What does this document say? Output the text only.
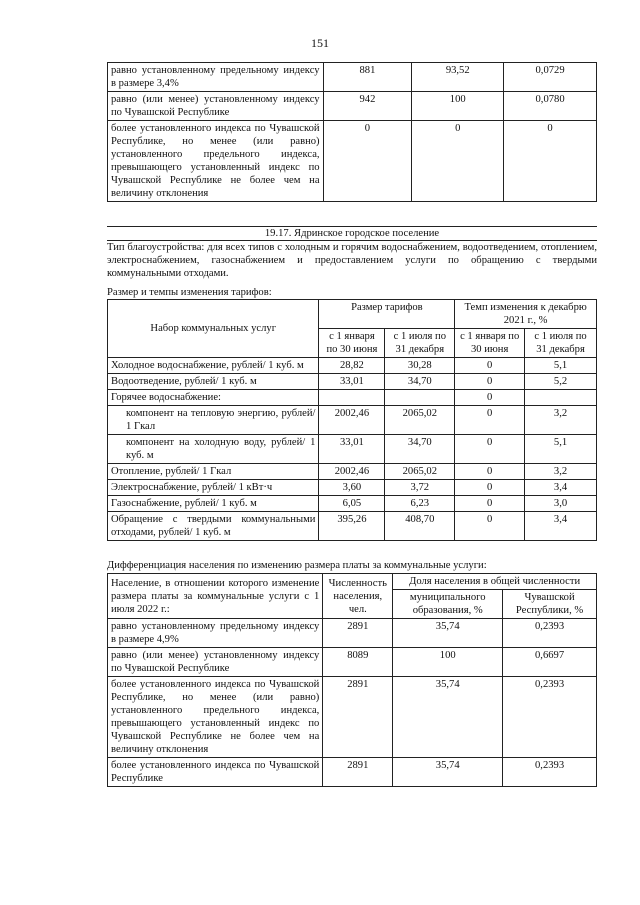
151
равно установленному предельному индексу в размере 3,4%	881	93,52	0,0729
равно (или менее) установленному индексу по Чувашской Республике	942	100	0,0780
более установленного индекса по Чувашской Республике, но менее (или равно) установленного предельного индекса, превышающего установленный индекс по Чувашской Республике не более чем на величину отклонения	0	0	0
19.17. Ядринское городское поселение
Тип благоустройства: для всех типов с холодным и горячим водоснабжением, водоотведением, отоплением, электроснабжением, газоснабжением и предоставлением услуги по обращению с твердыми коммунальными отходами.
Размер и темпы изменения тарифов:
Набор коммунальных услуг	Размер тарифов		Темп изменения к декабрю 2021 г., %	
	с 1 января по 30 июня	с 1 июля по 31 декабря	с 1 января по 30 июня	с 1 июля по 31 декабря
Холодное водоснабжение, рублей/ 1 куб. м	28,82	30,28	0	5,1
Водоотведение, рублей/ 1 куб. м	33,01	34,70	0	5,2
Горячее водоснабжение:			0	
компонент на тепловую энергию, рублей/ 1 Гкал	2002,46	2065,02	0	3,2
компонент на холодную воду, рублей/ 1 куб. м	33,01	34,70	0	5,1
Отопление, рублей/ 1 Гкал	2002,46	2065,02	0	3,2
Электроснабжение, рублей/ 1 кВт·ч	3,60	3,72	0	3,4
Газоснабжение, рублей/ 1 куб. м	6,05	6,23	0	3,0
Обращение с твердыми коммунальными отходами, рублей/ 1 куб. м	395,26	408,70	0	3,4
Дифференциация населения по изменению размера платы за коммунальные услуги:
Население, в отношении которого изменение размера платы за коммунальные услуги с 1 июля 2022 г.:	Численность населения, чел.	Доля населения в общей численности	
		муниципального образования, %	Чувашской Республики, %
равно установленному предельному индексу в размере 4,9%	2891	35,74	0,2393
равно (или менее) установленному индексу по Чувашской Республике	8089	100	0,6697
более установленного индекса по Чувашской Республике, но менее (или равно) установленного предельного индекса, превышающего установленный индекс по Чувашской Республике не более чем на величину отклонения	2891	35,74	0,2393
более установленного индекса по Чувашской Республике	2891	35,74	0,2393
